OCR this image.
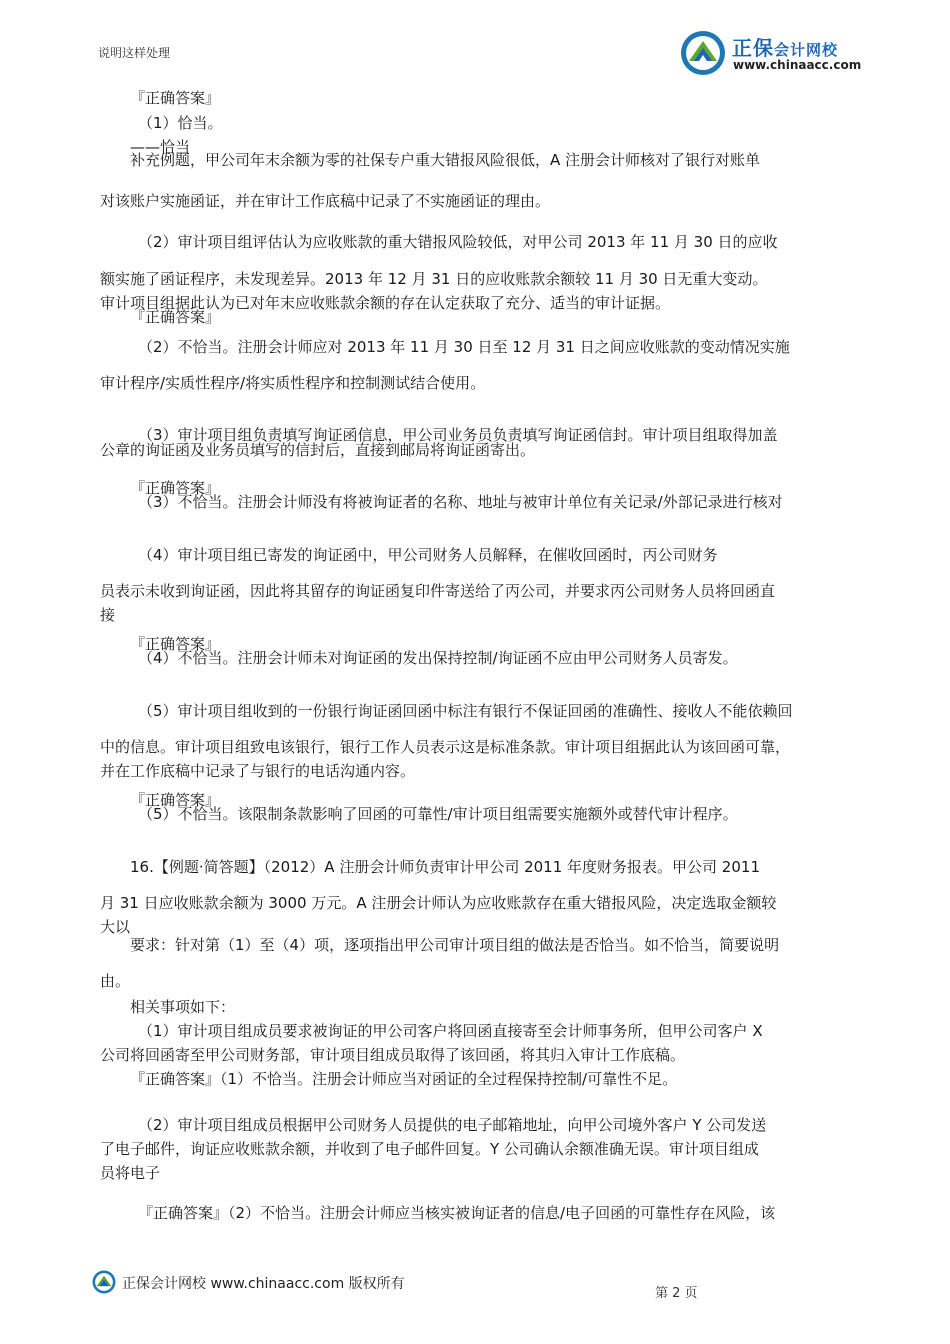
正保会计网校
www.chinaacc.com
说明这样处理
『正确答案』
（1）恰当。
——恰当
补充例题，甲公司年末余额为零的社保专户重大错报风险很低，A 注册会计师核对了银行对账单
对该账户实施函证，并在审计工作底稿中记录了不实施函证的理由。
（2）审计项目组评估认为应收账款的重大错报风险较低，对甲公司 2013 年 11 月 30 日的应收
额实施了函证程序，未发现差异。2013 年 12 月 31 日的应收账款余额较 11 月 30 日无重大变动。
审计项目组据此认为已对年末应收账款余额的存在认定获取了充分、适当的审计证据。
『正确答案』
（2）不恰当。注册会计师应对 2013 年 11 月 30 日至 12 月 31 日之间应收账款的变动情况实施
审计程序/实质性程序/将实质性程序和控制测试结合使用。
（3）审计项目组负责填写询证函信息，甲公司业务员负责填写询证函信封。审计项目组取得加盖
公章的询证函及业务员填写的信封后，直接到邮局将询证函寄出。
『正确答案』
（3）不恰当。注册会计师没有将被询证者的名称、地址与被审计单位有关记录/外部记录进行核对
（4）审计项目组已寄发的询证函中，甲公司财务人员解释，在催收回函时，丙公司财务
员表示未收到询证函，因此将其留存的询证函复印件寄送给了丙公司，并要求丙公司财务人员将回函直
接
『正确答案』
（4）不恰当。注册会计师未对询证函的发出保持控制/询证函不应由甲公司财务人员寄发。
（5）审计项目组收到的一份银行询证函回函中标注有银行不保证回函的准确性、接收人不能依赖回
中的信息。审计项目组致电该银行，银行工作人员表示这是标准条款。审计项目组据此认为该回函可靠，
并在工作底稿中记录了与银行的电话沟通内容。
『正确答案』
（5）不恰当。该限制条款影响了回函的可靠性/审计项目组需要实施额外或替代审计程序。
16.【例题·简答题】（2012）A 注册会计师负责审计甲公司 2011 年度财务报表。甲公司 2011
月 31 日应收账款余额为 3000 万元。A 注册会计师认为应收账款存在重大错报风险，决定选取金额较
大以
要求：针对第（1）至（4）项，逐项指出甲公司审计项目组的做法是否恰当。如不恰当，简要说明
由。
相关事项如下：
（1）审计项目组成员要求被询证的甲公司客户将回函直接寄至会计师事务所，但甲公司客户 X
公司将回函寄至甲公司财务部，审计项目组成员取得了该回函，将其归入审计工作底稿。
『正确答案』（1）不恰当。注册会计师应当对函证的全过程保持控制/可靠性不足。
（2）审计项目组成员根据甲公司财务人员提供的电子邮箱地址，向甲公司境外客户 Y 公司发送
了电子邮件，询证应收账款余额，并收到了电子邮件回复。Y 公司确认余额准确无误。审计项目组成
员将电子
『正确答案』（2）不恰当。注册会计师应当核实被询证者的信息/电子回函的可靠性存在风险，该
正保会计网校 www.chinaacc.com 版权所有
第 2 页
